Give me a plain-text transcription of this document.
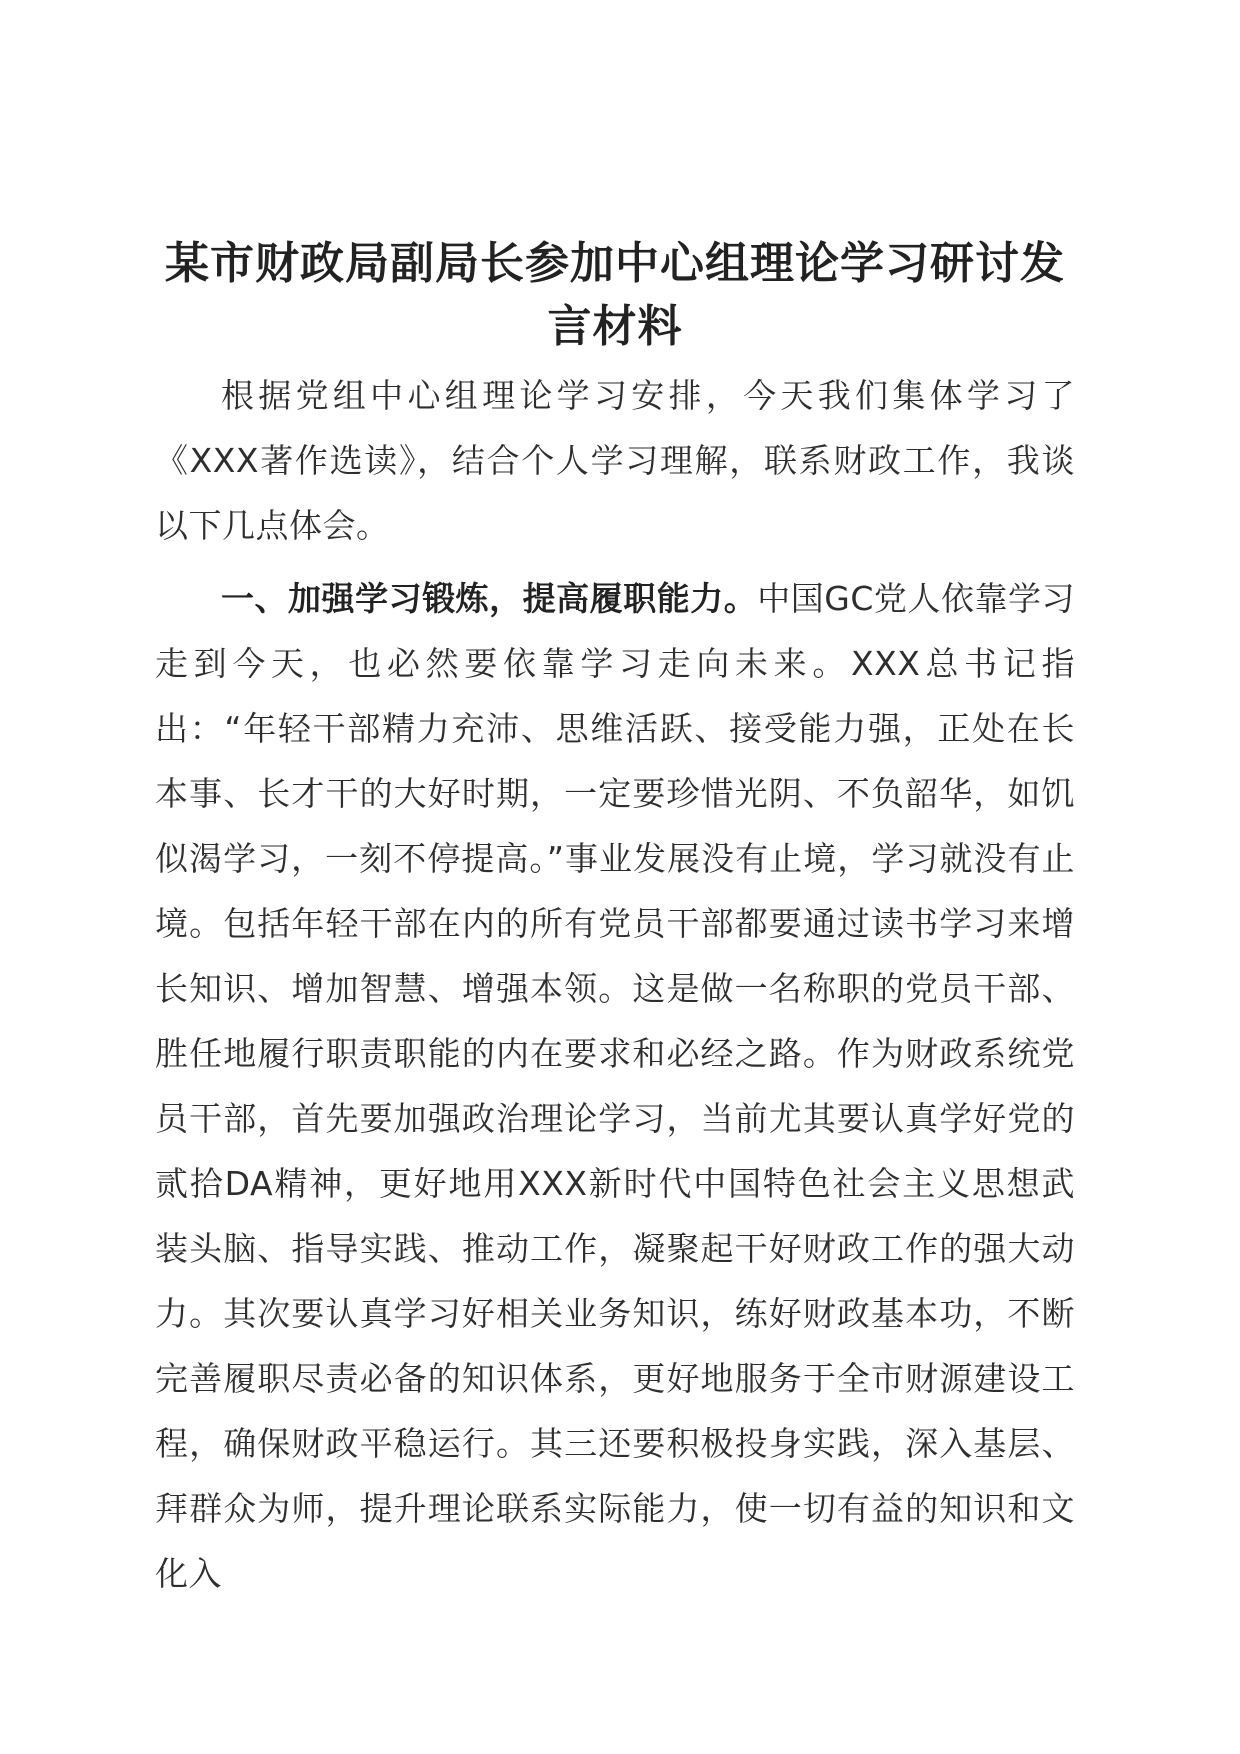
某市财政局副局长参加中心组理论学习研讨发言材料

根据党组中心组理论学习安排，今天我们集体学习了《XXX著作选读》，结合个人学习理解，联系财政工作，我谈以下几点体会。

一、加强学习锻炼，提高履职能力。中国GC党人依靠学习走到今天，也必然要依靠学习走向未来。XXX总书记指出：“年轻干部精力充沛、思维活跃、接受能力强，正处在长本事、长才干的大好时期，一定要珍惜光阴、不负韶华，如饥似渴学习，一刻不停提高。”事业发展没有止境，学习就没有止境。包括年轻干部在内的所有党员干部都要通过读书学习来增长知识、增加智慧、增强本领。这是做一名称职的党员干部、胜任地履行职责职能的内在要求和必经之路。作为财政系统党员干部，首先要加强政治理论学习，当前尤其要认真学好党的贰拾DA精神，更好地用XXX新时代中国特色社会主义思想武装头脑、指导实践、推动工作，凝聚起干好财政工作的强大动力。其次要认真学习好相关业务知识，练好财政基本功，不断完善履职尽责必备的知识体系，更好地服务于全市财源建设工程，确保财政平稳运行。其三还要积极投身实践，深入基层、拜群众为师，提升理论联系实际能力，使一切有益的知识和文化入
